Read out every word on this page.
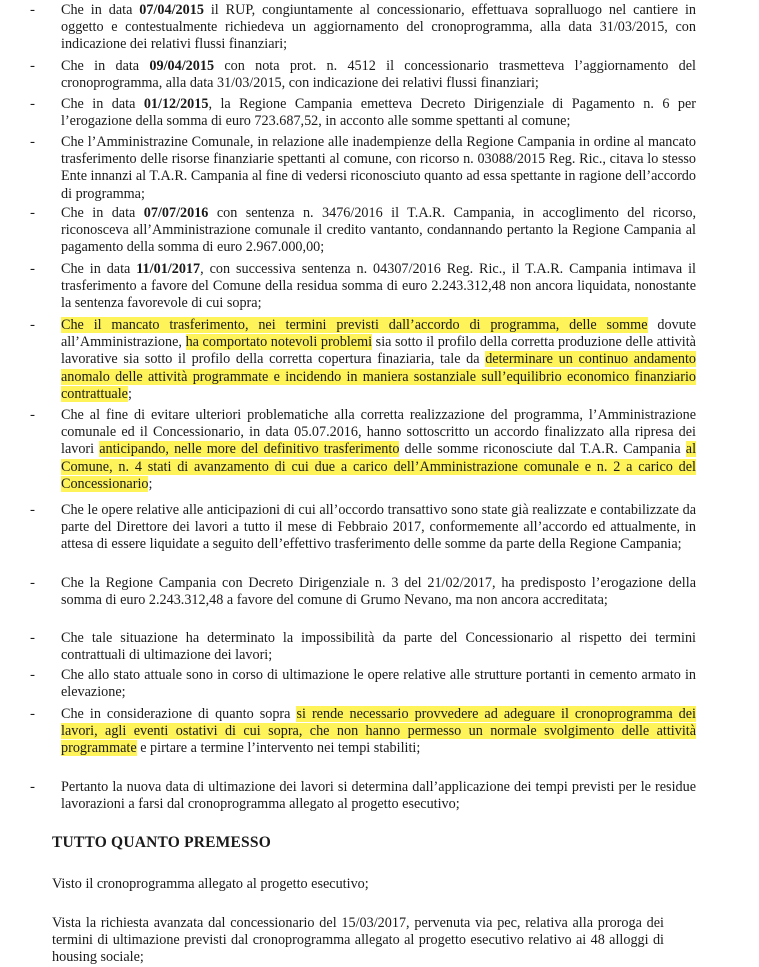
- Che in data 07/04/2015 il RUP, congiuntamente al concessionario, effettuava sopralluogo nel cantiere in oggetto e contestualmente richiedeva un aggiornamento del cronoprogramma, alla data 31/03/2015, con indicazione dei relativi flussi finanziari;
- Che in data 09/04/2015 con nota prot. n. 4512 il concessionario trasmetteva l’aggiornamento del cronoprogramma, alla data 31/03/2015, con indicazione dei relativi flussi finanziari;
- Che in data 01/12/2015, la Regione Campania emetteva Decreto Dirigenziale di Pagamento n. 6 per l’erogazione della somma di euro 723.687,52, in acconto alle somme spettanti al comune;
- Che l’Amministrazine Comunale, in relazione alle inadempienze della Regione Campania in ordine al mancato trasferimento delle risorse finanziarie spettanti al comune, con ricorso n. 03088/2015 Reg. Ric., citava lo stesso Ente innanzi al T.A.R. Campania al fine di vedersi riconosciuto quanto ad essa spettante in ragione dell’accordo di programma;
- Che in data 07/07/2016 con sentenza n. 3476/2016 il T.A.R. Campania, in accoglimento del ricorso, riconosceva all’Amministrazione comunale il credito vantanto, condannando pertanto la Regione Campania al pagamento della somma di euro 2.967.000,00;
- Che in data 11/01/2017, con successiva sentenza n. 04307/2016 Reg. Ric., il T.A.R. Campania intimava il trasferimento a favore del Comune della residua somma di euro 2.243.312,48 non ancora liquidata, nonostante la sentenza favorevole di cui sopra;
- Che il mancato trasferimento, nei termini previsti dall’accordo di programma, delle somme dovute all’Amministrazione, ha comportato notevoli problemi sia sotto il profilo della corretta produzione delle attività lavorative sia sotto il profilo della corretta copertura finaziaria, tale da determinare un continuo andamento anomalo delle attività programmate e incidendo in maniera sostanziale sull’equilibrio economico finanziario contrattuale;
- Che al fine di evitare ulteriori problematiche alla corretta realizzazione del programma, l’Amministrazione comunale ed il Concessionario, in data 05.07.2016, hanno sottoscritto un accordo finalizzato alla ripresa dei lavori anticipando, nelle more del definitivo trasferimento delle somme riconosciute dal T.A.R. Campania al Comune, n. 4 stati di avanzamento di cui due a carico dell’Amministrazione comunale e n. 2 a carico del Concessionario;
- Che le opere relative alle anticipazioni di cui all’occordo transattivo sono state già realizzate e contabilizzate da parte del Direttore dei lavori a tutto il mese di Febbraio 2017, conformemente all’accordo ed attualmente, in attesa di essere liquidate a seguito dell’effettivo trasferimento delle somme da parte della Regione Campania;
- Che la Regione Campania con Decreto Dirigenziale n. 3 del 21/02/2017, ha predisposto l’erogazione della somma di euro 2.243.312,48 a favore del comune di Grumo Nevano, ma non ancora accreditata;
- Che tale situazione ha determinato la impossibilità da parte del Concessionario al rispetto dei termini contrattuali di ultimazione dei lavori;
- Che allo stato attuale sono in corso di ultimazione le opere relative alle strutture portanti in cemento armato in elevazione;
- Che in considerazione di quanto sopra si rende necessario provvedere ad adeguare il cronoprogramma dei lavori, agli eventi ostativi di cui sopra, che non hanno permesso un normale svolgimento delle attività programmate e pirtare a termine l’intervento nei tempi stabiliti;
- Pertanto la nuova data di ultimazione dei lavori si determina dall’applicazione dei tempi previsti per le residue lavorazioni a farsi dal cronoprogramma allegato al progetto esecutivo;
TUTTO QUANTO PREMESSO
Visto il cronoprogramma allegato al progetto esecutivo;
Vista la richiesta avanzata dal concessionario del 15/03/2017, pervenuta via pec, relativa alla proroga dei termini di ultimazione previsti dal cronoprogramma allegato al progetto esecutivo relativo ai 48 alloggi di housing sociale;
